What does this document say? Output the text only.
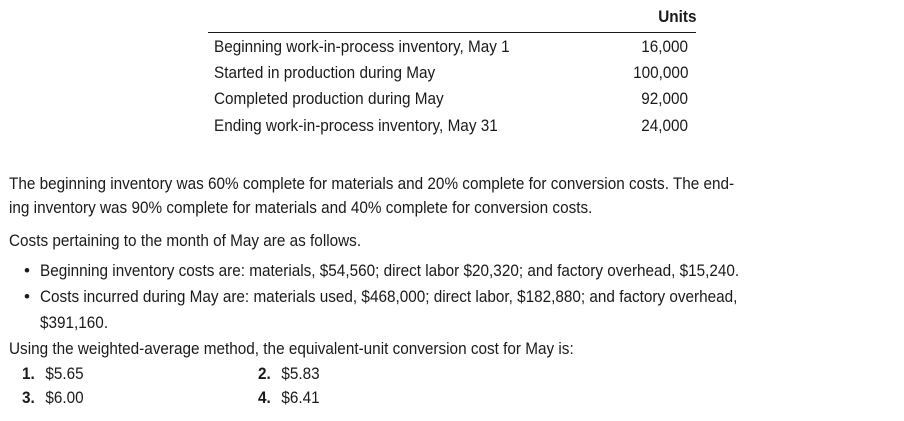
Units
Beginning work-in-process inventory, May 1	16,000
Started in production during May	100,000
Completed production during May	92,000
Ending work-in-process inventory, May 31	24,000
The beginning inventory was 60% complete for materials and 20% complete for conversion costs. The end-
ing inventory was 90% complete for materials and 40% complete for conversion costs.
Costs pertaining to the month of May are as follows.
• Beginning inventory costs are: materials, $54,560; direct labor $20,320; and factory overhead, $15,240.
• Costs incurred during May are: materials used, $468,000; direct labor, $182,880; and factory overhead,
$391,160.
Using the weighted-average method, the equivalent-unit conversion cost for May is:
1. $5.65	2. $5.83
3. $6.00	4. $6.41
